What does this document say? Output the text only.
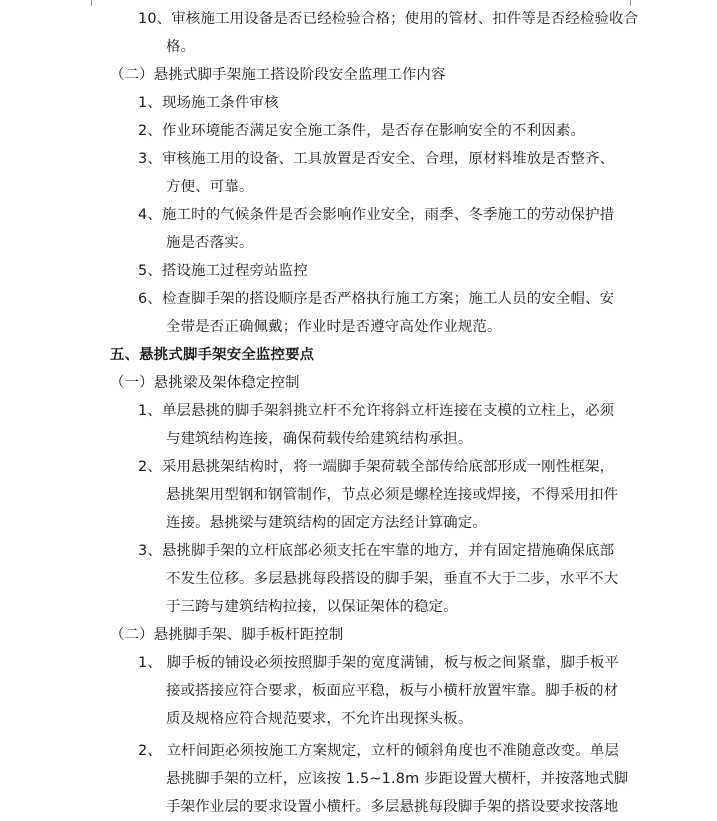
10、审核施工用设备是否已经检验合格；使用的管材、扣件等是否经检验收合
格。
（二）悬挑式脚手架施工搭设阶段安全监理工作内容
1、现场施工条件审核
2、作业环境能否满足安全施工条件，是否存在影响安全的不利因素。
3、审核施工用的设备、工具放置是否安全、合理，原材料堆放是否整齐、
方便、可靠。
4、施工时的气候条件是否会影响作业安全，雨季、冬季施工的劳动保护措
施是否落实。
5、搭设施工过程旁站监控
6、检查脚手架的搭设顺序是否严格执行施工方案；施工人员的安全帽、安
全带是否正确佩戴；作业时是否遵守高处作业规范。
五、悬挑式脚手架安全监控要点
（一）悬挑梁及架体稳定控制
1、单层悬挑的脚手架斜挑立杆不允许将斜立杆连接在支模的立柱上，必须
与建筑结构连接，确保荷载传给建筑结构承担。
2、采用悬挑架结构时，将一端脚手架荷载全部传给底部形成一刚性框架，
悬挑架用型钢和钢管制作，节点必须是螺栓连接或焊接，不得采用扣件
连接。悬挑梁与建筑结构的固定方法经计算确定。
3、悬挑脚手架的立杆底部必须支托在牢靠的地方，并有固定措施确保底部
不发生位移。多层悬挑每段搭设的脚手架，垂直不大于二步，水平不大
于三跨与建筑结构拉接，以保证架体的稳定。
（二）悬挑脚手架、脚手板杆距控制
1、 脚手板的铺设必须按照脚手架的宽度满铺，板与板之间紧靠，脚手板平
接或搭接应符合要求，板面应平稳，板与小横杆放置牢靠。脚手板的材
质及规格应符合规范要求，不允许出现探头板。
2、 立杆间距必须按施工方案规定，立杆的倾斜角度也不准随意改变。单层
悬挑脚手架的立杆，应该按 1.5~1.8m 步距设置大横杆，并按落地式脚
手架作业层的要求设置小横杆。多层悬挑每段脚手架的搭设要求按落地
